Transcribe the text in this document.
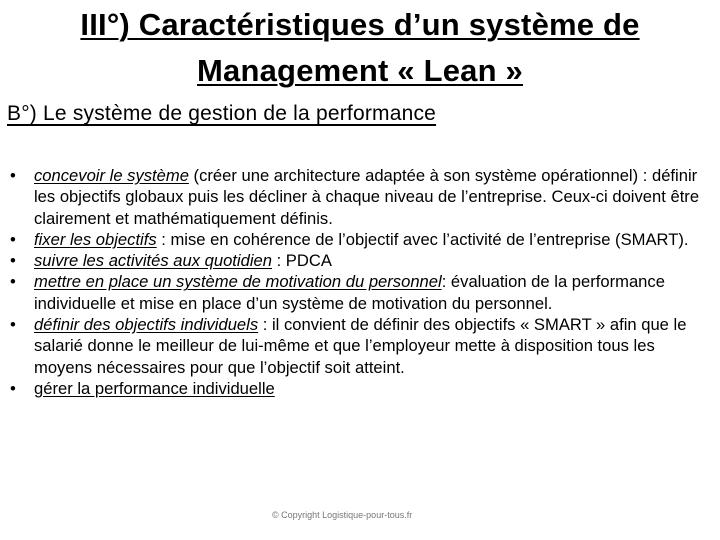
III°) Caractéristiques d’un système de
Management « Lean »
B°) Le système de gestion de la performance
•	concevoir le système (créer une architecture adaptée à son système opérationnel) : définir les objectifs globaux puis les décliner à chaque niveau de l’entreprise. Ceux-ci doivent être clairement et mathématiquement définis.
•	fixer les objectifs : mise en cohérence de l’objectif avec l’activité de l’entreprise (SMART).
•	suivre les activités aux quotidien : PDCA
•	mettre en place un système de motivation du personnel: évaluation de la performance individuelle et mise en place d’un système de motivation du personnel.
•	définir des objectifs individuels : il convient de définir des objectifs « SMART » afin que le salarié donne le meilleur de lui-même et que l’employeur mette à disposition tous les moyens nécessaires pour que l’objectif soit atteint.
•	gérer la performance individuelle
© Copyright Logistique-pour-tous.fr
